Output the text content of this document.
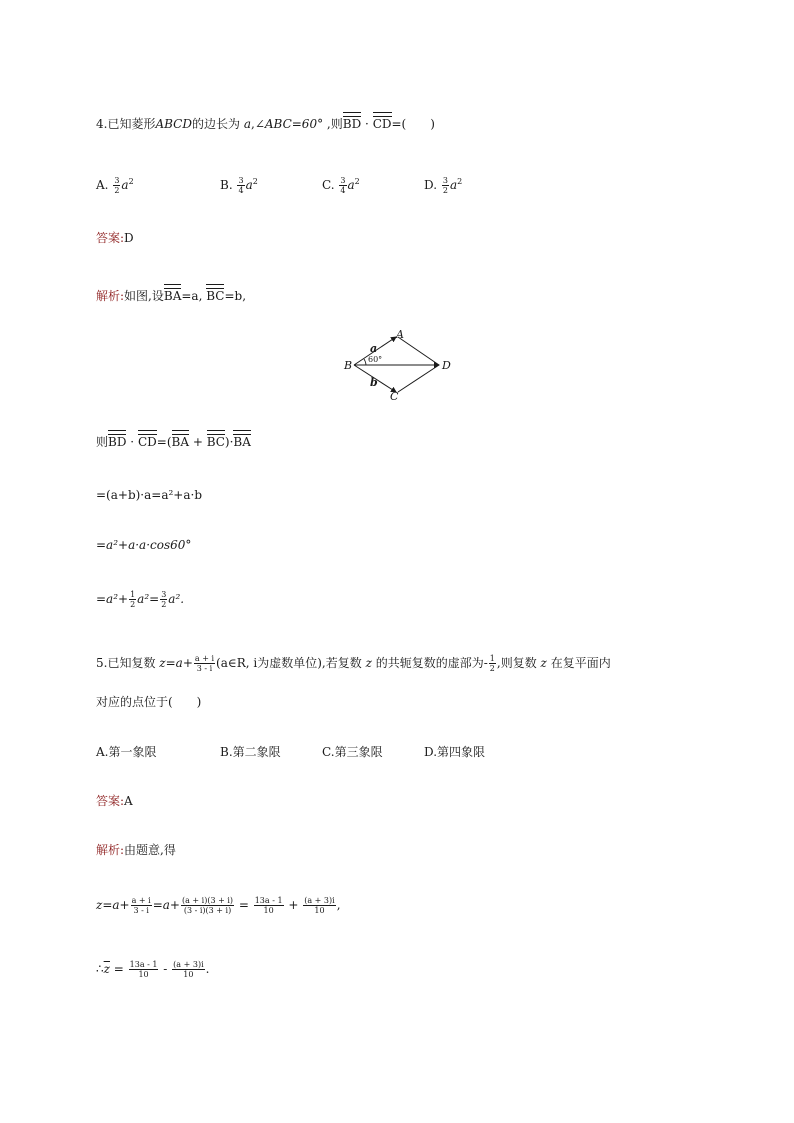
4.已知菱形ABCD的边长为 a,∠ABC=60° ,则BD · CD=(　　)
A. $\frac{3}{2} a^2$	B. $\frac{3}{4} a^2$	C. $\frac{3}{4} a^2$	D. $\frac{3}{2} a^2$
答案:D
解析:如图,设BA=a, BC=b,
A
B
C
D
a
b
60°
则BD · CD=(BA + BC)·BA
=(a+b)·a=a²+a·b
=a²+a·a·cos60°
$=a^2+ \frac{1}{2} a^2= \frac{3}{2} a^2$.
5.已知复数 $z=a+ \frac{a + i}{3 - i}$ (a∈R, i为虚数单位),若复数 z 的共轭复数的虚部为- $\frac{1}{2}$ ,则复数 z 在复平面内
对应的点位于(　　)
A.第一象限	B.第二象限	C.第三象限	D.第四象限
答案:A
解析:由题意,得
$z=a+ \frac{a + i}{3 - i} =a+ \frac{(a + i)(3 + i)}{(3 - i)(3 + i)} = \frac{13a - 1}{10} + \frac{(a + 3)i}{10}$ ,
$\therefore\overline{z} = \frac{13a - 1}{10} - \frac{(a + 3)i}{10}$ .
